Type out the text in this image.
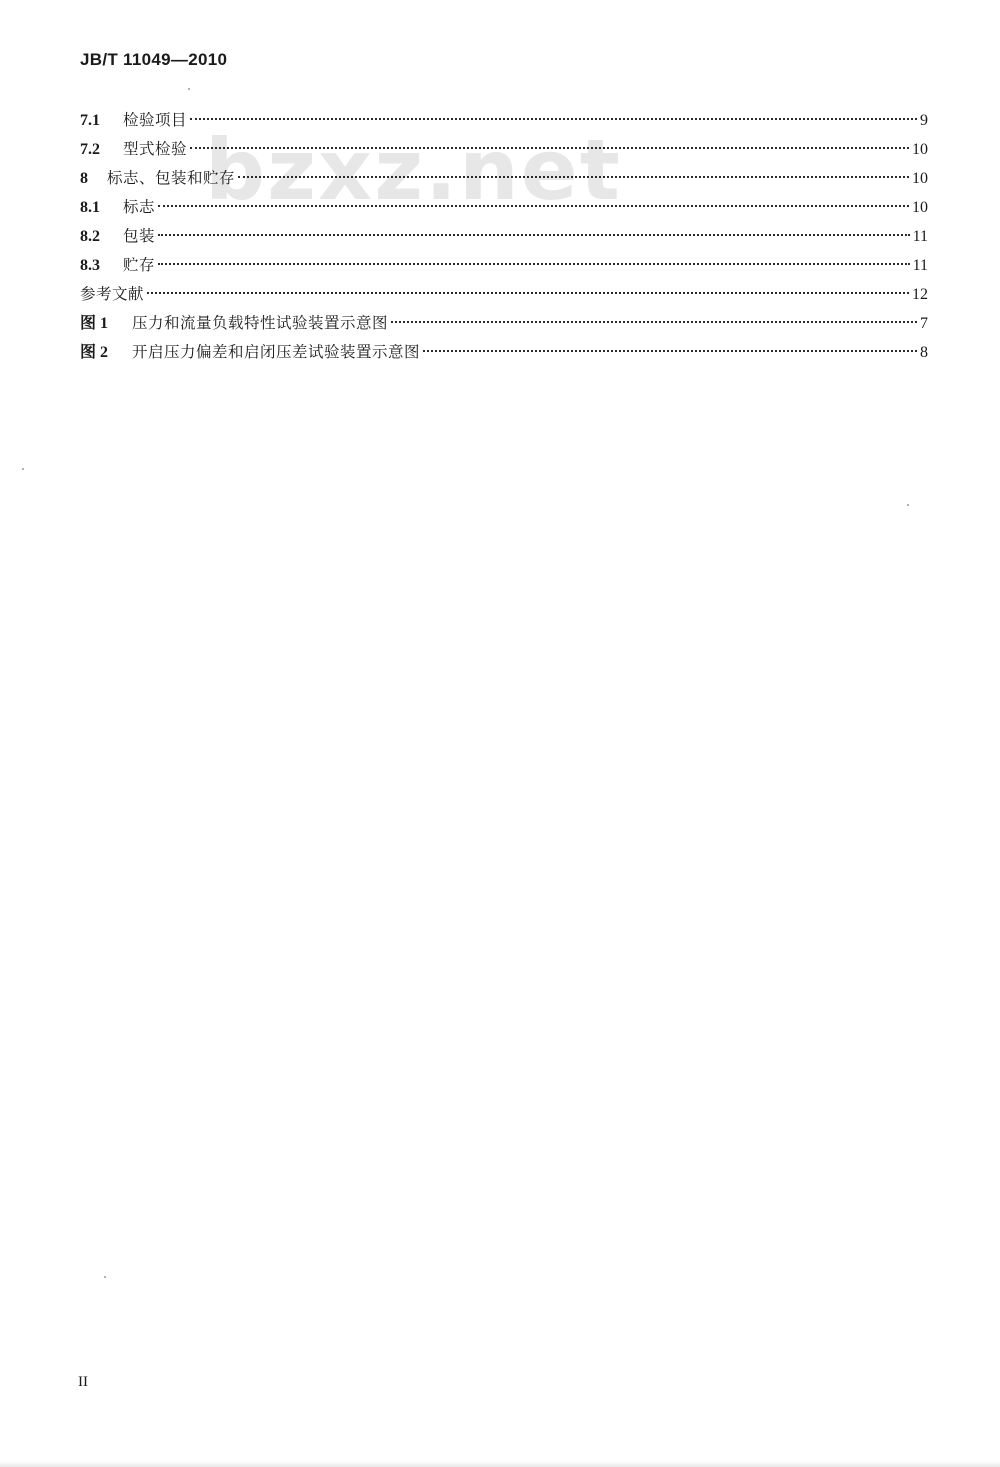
JB/T 11049—2010
bzxz.net
7.1	检验项目	9
7.2	型式检验	10
8	标志、包装和贮存	10
8.1	标志	10
8.2	包装	11
8.3	贮存	11
参考文献	12
图 1	压力和流量负载特性试验装置示意图	7
图 2	开启压力偏差和启闭压差试验装置示意图	8
II
